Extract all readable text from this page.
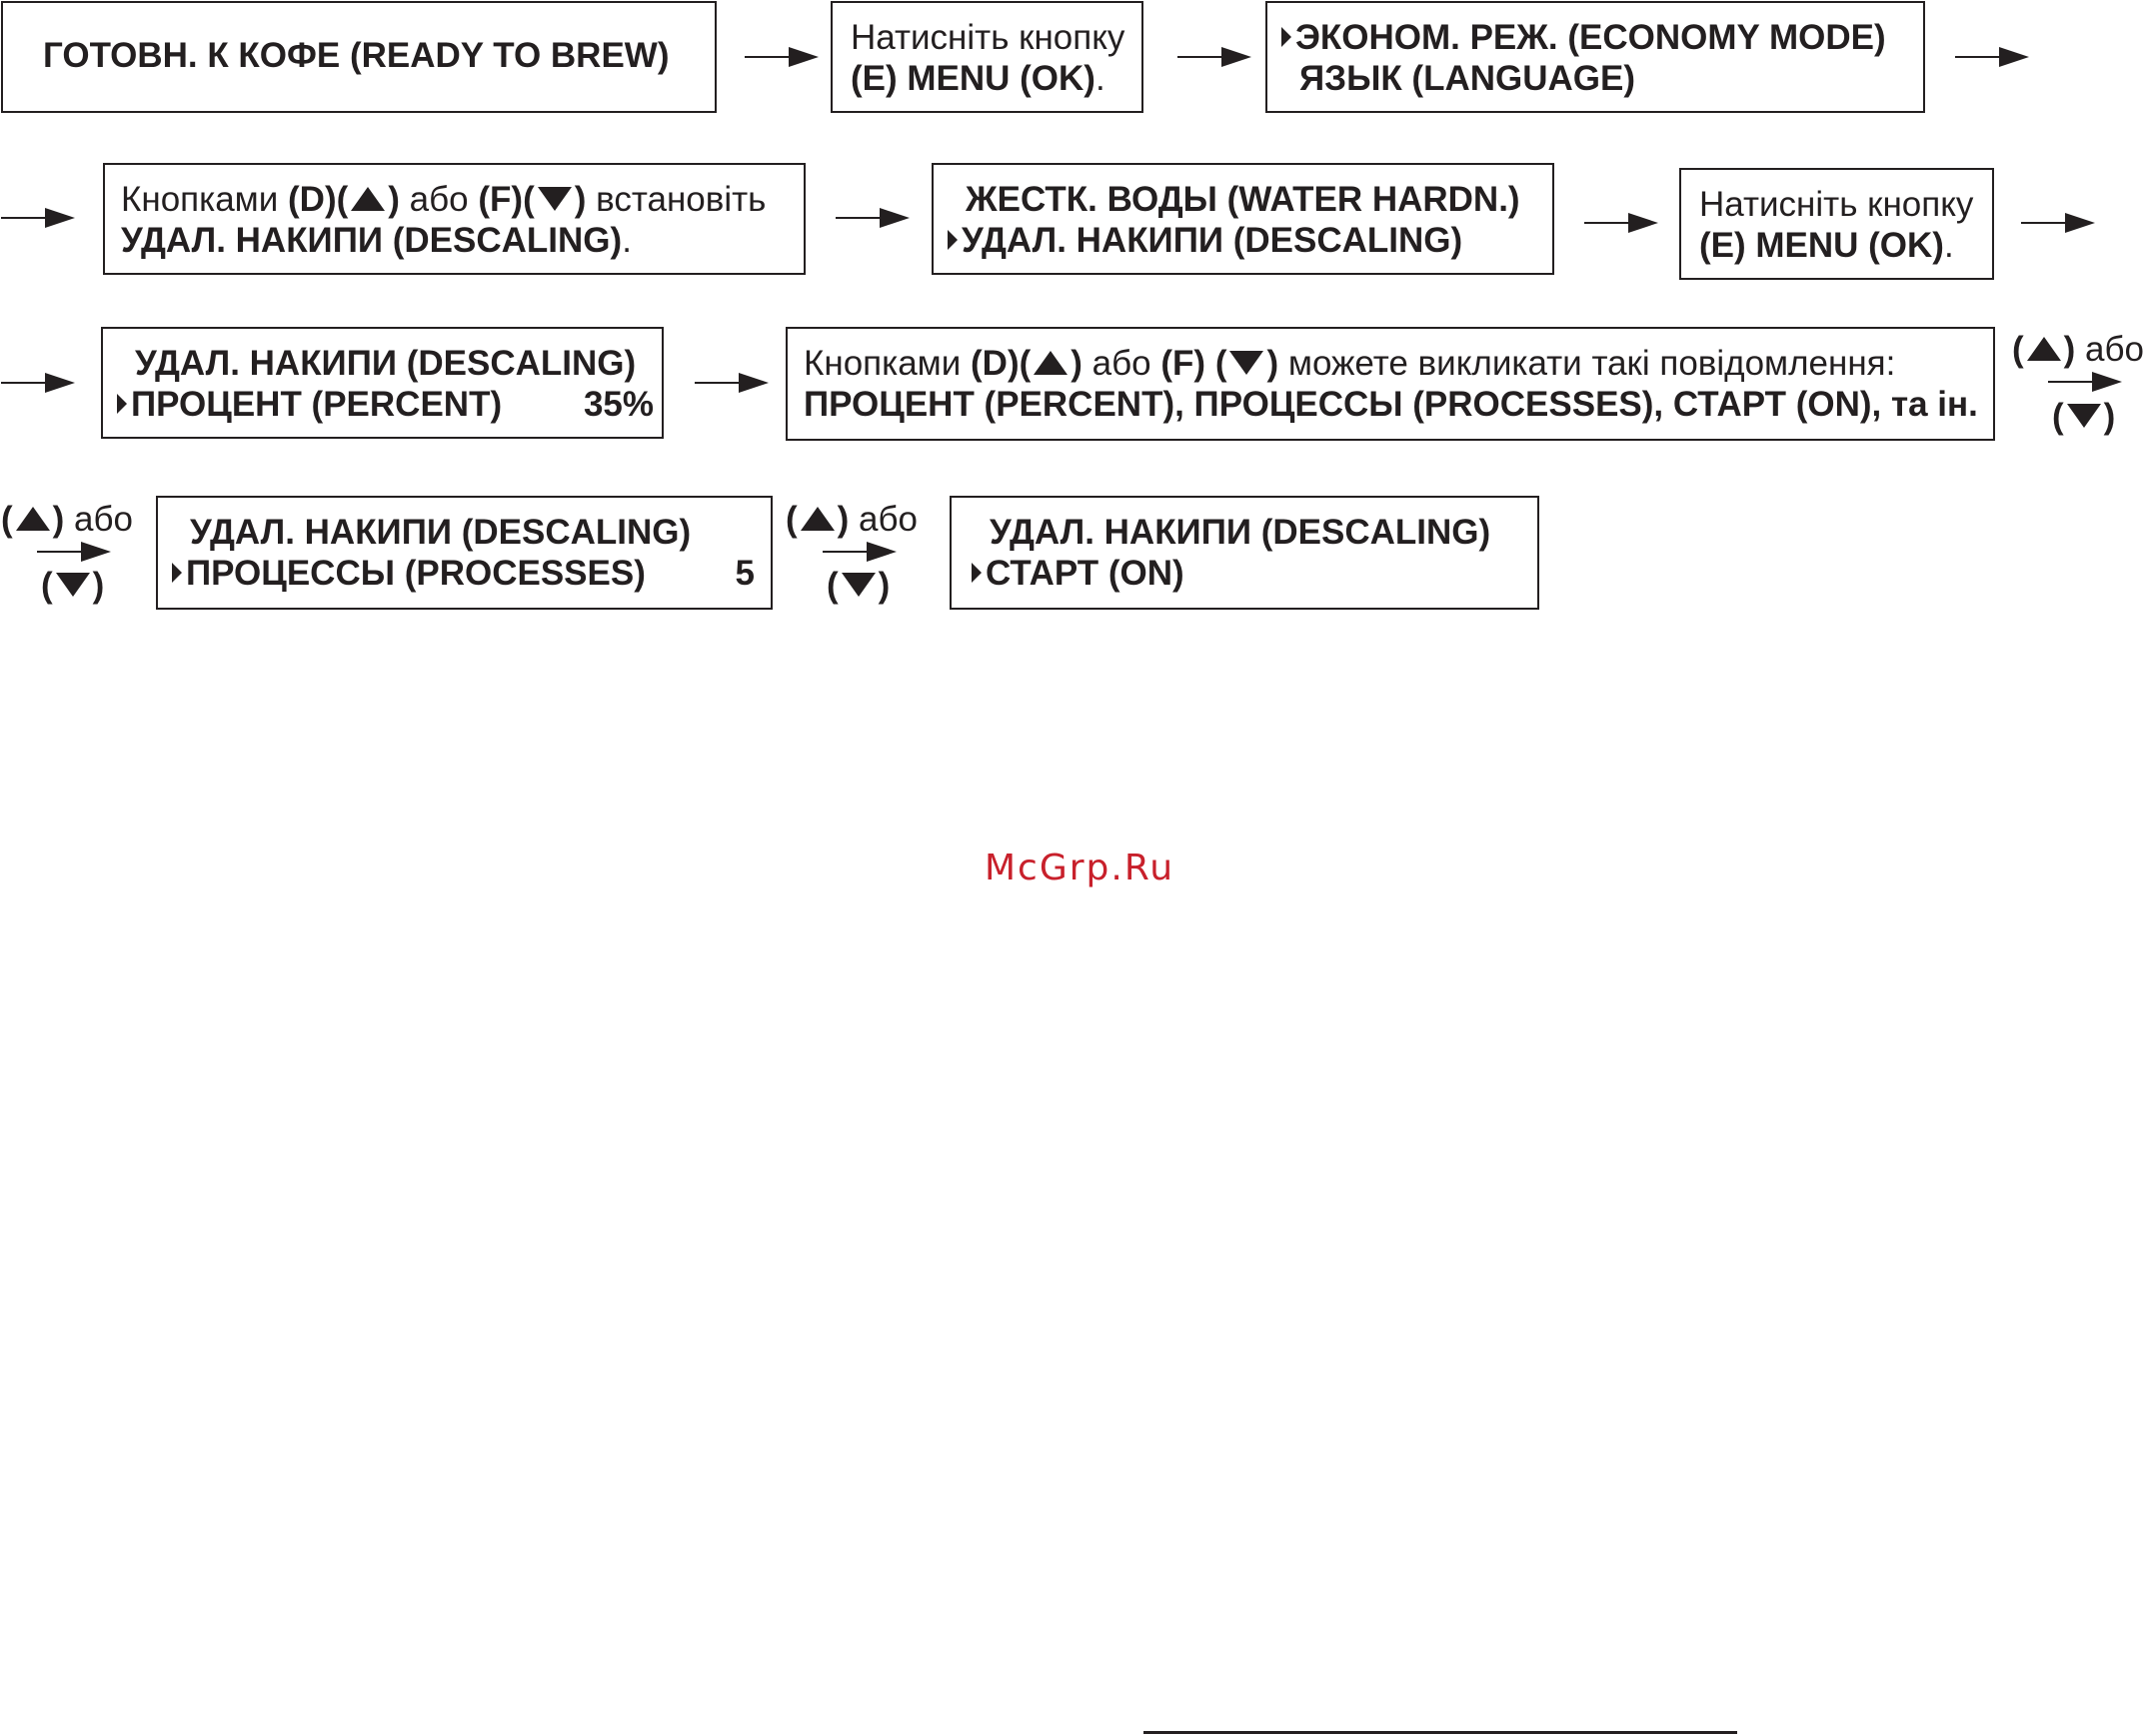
ГОТОВН. К КОФЕ (READY TO BREW)	Натисніть кнопку
(E) MENU (OK).
ЭКОНОМ. РЕЖ. (ECONOMY MODE)
ЯЗЫК (LANGUAGE)
Кнопками (D)( ) або (F)( ) встановіть
УДАЛ. НАКИПИ (DESCALING).
ЖЕСТК. ВОДЫ (WATER HARDN.)
УДАЛ. НАКИПИ (DESCALING)
Натисніть кнопку
(E) MENU (OK).
УДАЛ. НАКИПИ (DESCALING)
ПРОЦЕНТ (PERCENT) 35%
Кнопками (D)( ) або (F) ( ) можете викликати такі повідомлення:
ПРОЦЕНТ (PERCENT), ПРОЦЕССЫ (PROCESSES), СТАРТ (ON), та ін.
( ) або
( )
( ) або
( )
УДАЛ. НАКИПИ (DESCALING)
ПРОЦЕССЫ (PROCESSES)	5
( ) або
( )
УДАЛ. НАКИПИ (DESCALING)
СТАРТ (ON)
McGrp.Ru
